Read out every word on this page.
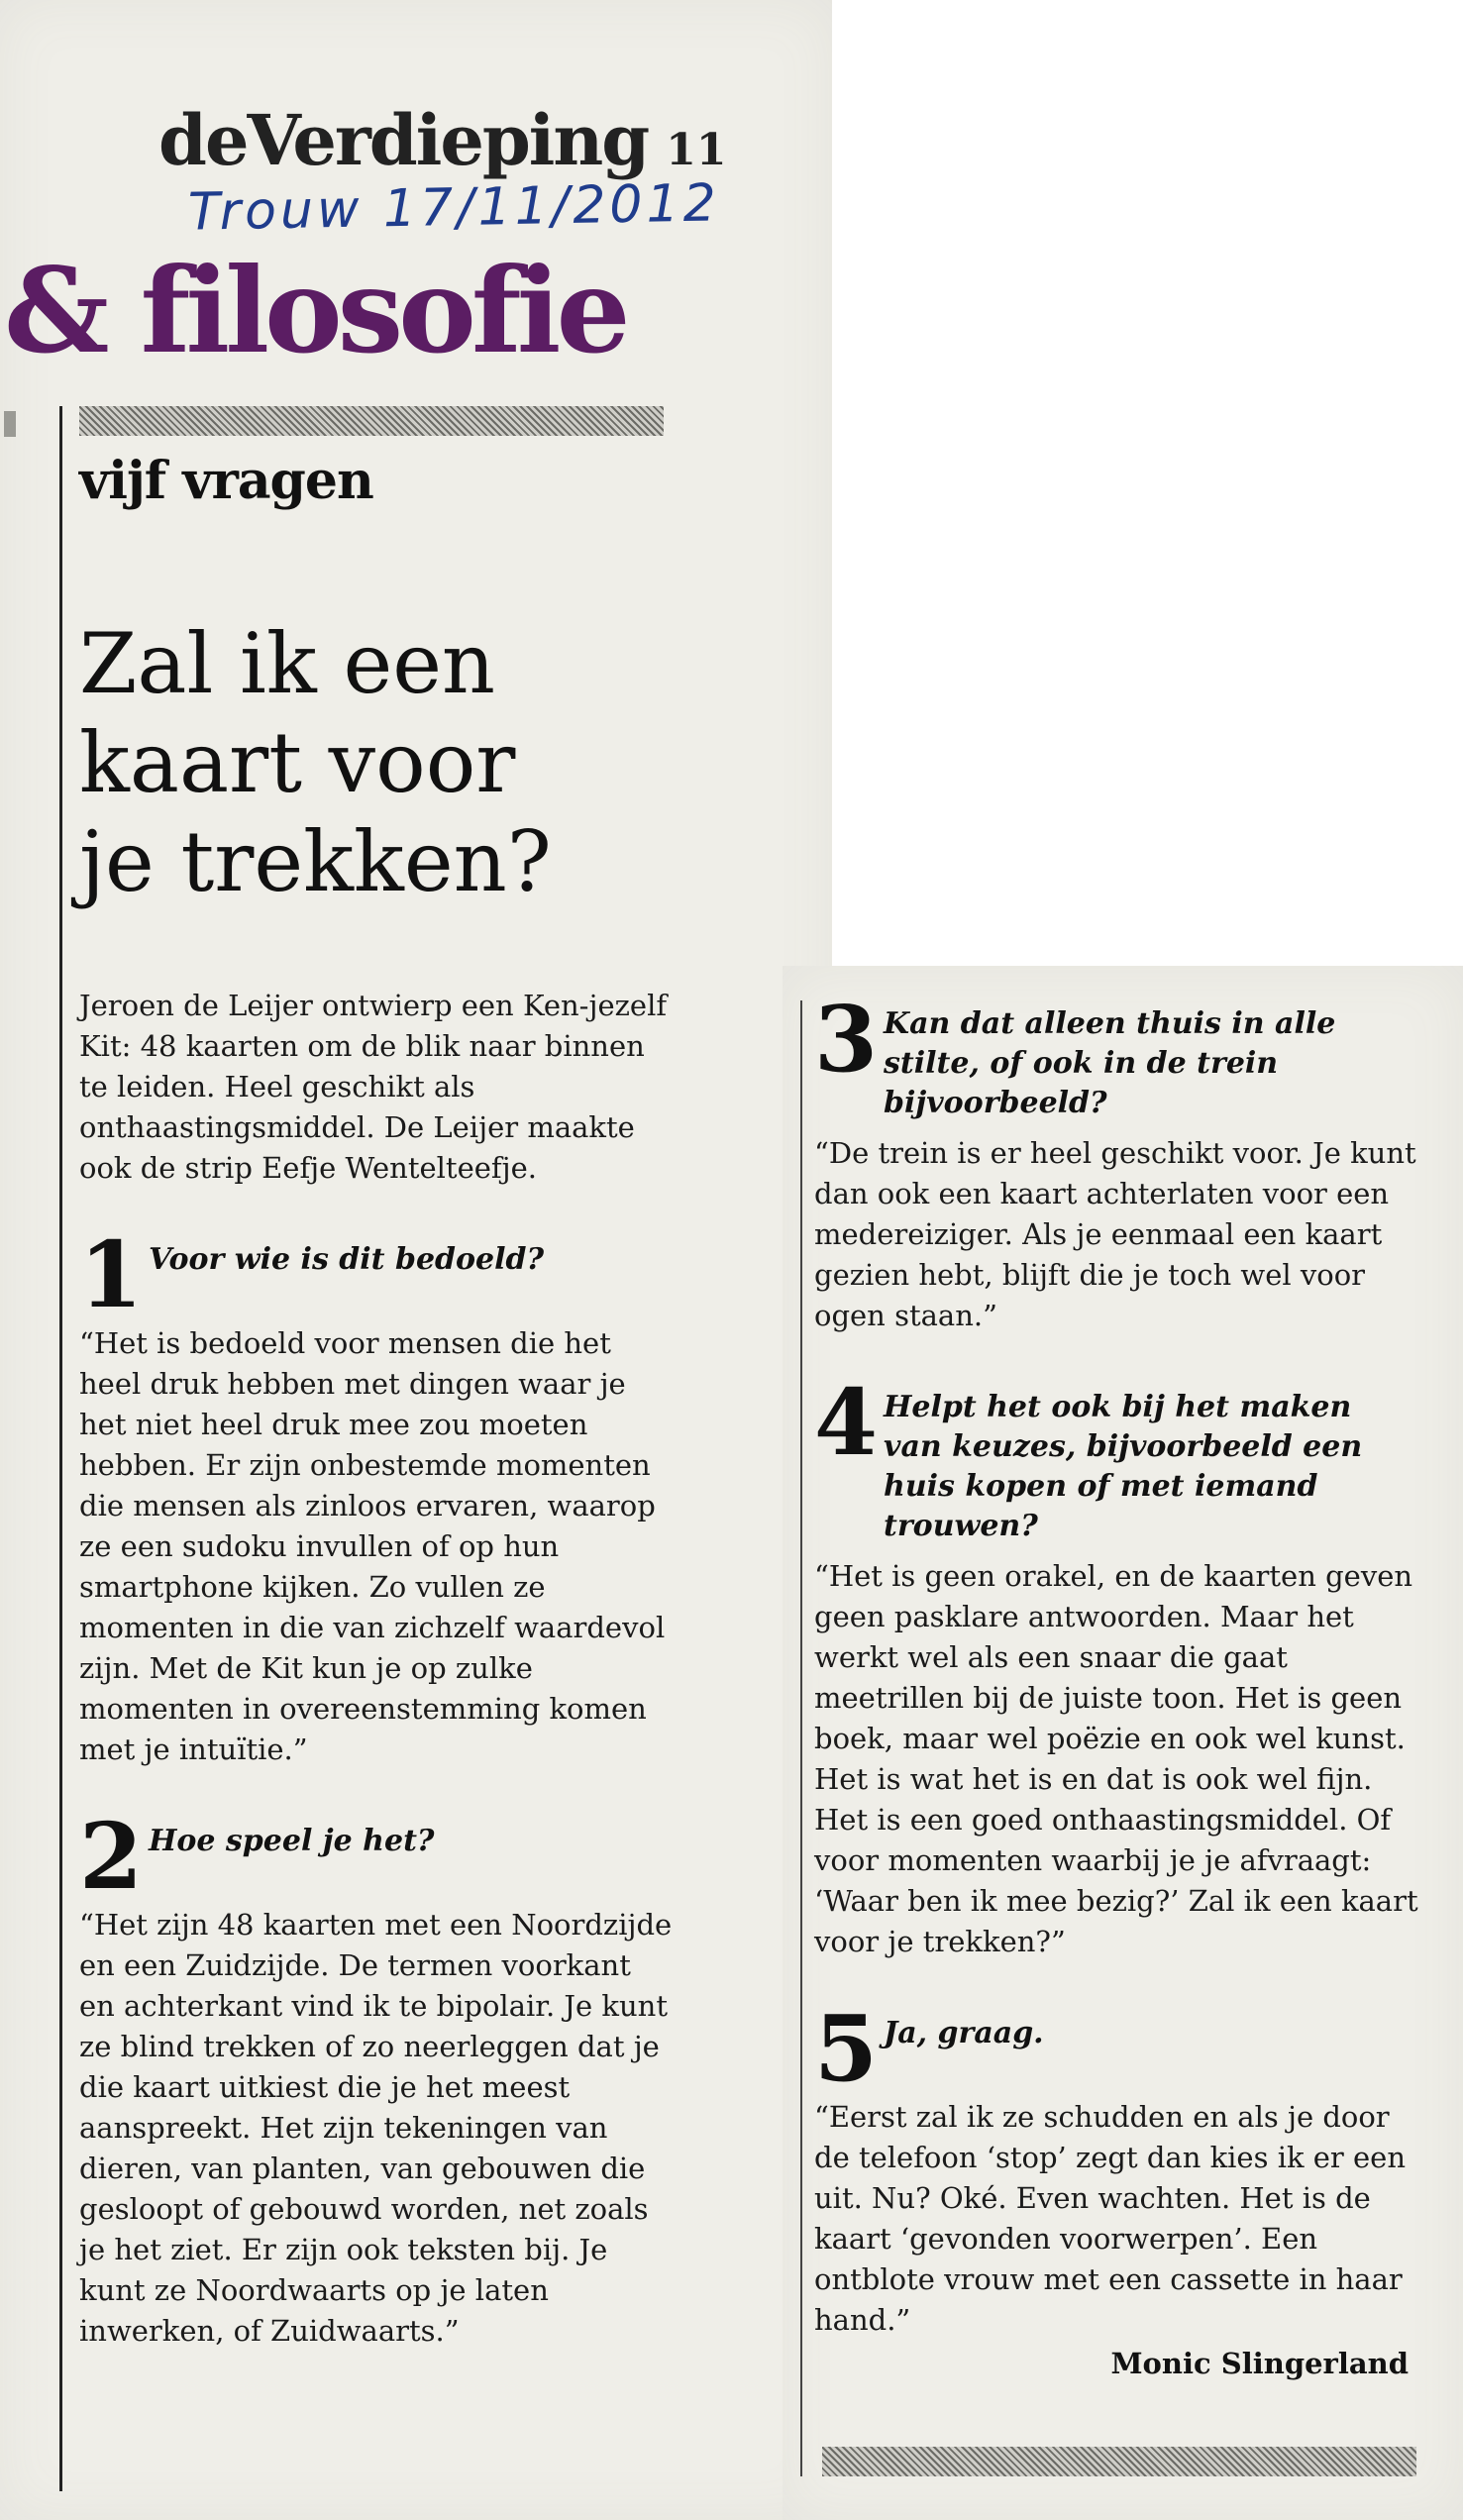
deVerdieping 11
Trouw 17/11/2012
& filosofie
vijf vragen
Zal ik een
kaart voor
je trekken?

Jeroen de Leijer ontwierp een Ken-jezelf Kit: 48 kaarten om de blik naar binnen te leiden. Heel geschikt als onthaastingsmiddel. De Leijer maakte ook de strip Eefje Wentelteefje.

1 Voor wie is dit bedoeld?

“Het is bedoeld voor mensen die het heel druk hebben met dingen waar je het niet heel druk mee zou moeten hebben. Er zijn onbestemde momenten die mensen als zinloos ervaren, waarop ze een sudoku invullen of op hun smartphone kijken. Zo vullen ze momenten in die van zichzelf waardevol zijn. Met de Kit kun je op zulke momenten in overeenstemming komen met je intuïtie.”

2 Hoe speel je het?

“Het zijn 48 kaarten met een Noordzijde en een Zuidzijde. De termen voorkant en achterkant vind ik te bipolair. Je kunt ze blind trekken of zo neerleggen dat je die kaart uitkiest die je het meest aanspreekt. Het zijn tekeningen van dieren, van planten, van gebouwen die gesloopt of gebouwd worden, net zoals je het ziet. Er zijn ook teksten bij. Je kunt ze Noordwaarts op je laten inwerken, of Zuidwaarts.”

3 Kan dat alleen thuis in alle stilte, of ook in de trein bijvoorbeeld?

“De trein is er heel geschikt voor. Je kunt dan ook een kaart achterlaten voor een medereiziger. Als je eenmaal een kaart gezien hebt, blijft die je toch wel voor ogen staan.”

4 Helpt het ook bij het maken van keuzes, bijvoorbeeld een huis kopen of met iemand trouwen?

“Het is geen orakel, en de kaarten geven geen pasklare antwoorden. Maar het werkt wel als een snaar die gaat meetrillen bij de juiste toon. Het is geen boek, maar wel poëzie en ook wel kunst. Het is wat het is en dat is ook wel fijn. Het is een goed onthaastingsmiddel. Of voor momenten waarbij je je afvraagt: ‘Waar ben ik mee bezig?’ Zal ik een kaart voor je trekken?”

5 Ja, graag.

“Eerst zal ik ze schudden en als je door de telefoon ‘stop’ zegt dan kies ik er een uit. Nu? Oké. Even wachten. Het is de kaart ‘gevonden voorwerpen’. Een ontblote vrouw met een cassette in haar hand.”

Monic Slingerland
